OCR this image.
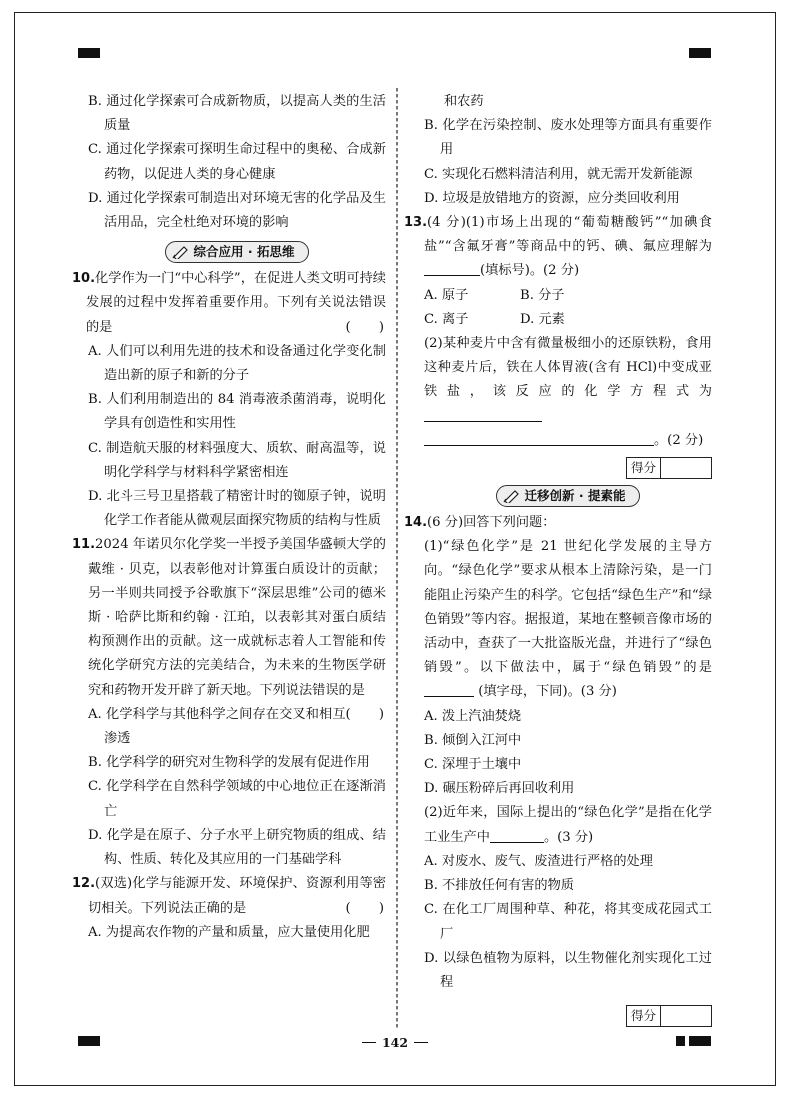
B. 通过化学探索可合成新物质，以提高人类的生活质量
C. 通过化学探索可探明生命过程中的奥秘、合成新药物，以促进人类的身心健康
D. 通过化学探索可制造出对环境无害的化学品及生活用品，完全杜绝对环境的影响
综合应用 · 拓思维
10.化学作为一门“中心科学”，在促进人类文明可持续发展的过程中发挥着重要作用。下列有关说法错误的是	( )
A. 人们可以利用先进的技术和设备通过化学变化制造出新的原子和新的分子
B. 人们利用制造出的 84 消毒液杀菌消毒，说明化学具有创造性和实用性
C. 制造航天服的材料强度大、质软、耐高温等，说明化学科学与材料科学紧密相连
D. 北斗三号卫星搭载了精密计时的铷原子钟，说明化学工作者能从微观层面探究物质的结构与性质
11.2024 年诺贝尔化学奖一半授予美国华盛顿大学的戴维 · 贝克，以表彰他对计算蛋白质设计的贡献；另一半则共同授予谷歌旗下“深层思维”公司的德米斯 · 哈萨比斯和约翰 · 江珀，以表彰其对蛋白质结构预测作出的贡献。这一成就标志着人工智能和传统化学研究方法的完美结合，为未来的生物医学研究和药物开发开辟了新天地。下列说法错误的是
( )
A. 化学科学与其他科学之间存在交叉和相互渗透
B. 化学科学的研究对生物科学的发展有促进作用
C. 化学科学在自然科学领域的中心地位正在逐渐消亡
D. 化学是在原子、分子水平上研究物质的组成、结构、性质、转化及其应用的一门基础学科
12.(双选)化学与能源开发、环境保护、资源利用等密切相关。下列说法正确的是	( )
A. 为提高农作物的产量和质量，应大量使用化肥
和农药
B. 化学在污染控制、废水处理等方面具有重要作用
C. 实现化石燃料清洁利用，就无需开发新能源
D. 垃圾是放错地方的资源，应分类回收利用
13.(4 分)(1)市场上出现的“葡萄糖酸钙”“加碘食盐”“含氟牙膏”等商品中的钙、碘、氟应理解为 (填标号)。(2 分)
A. 原子	B. 分子
C. 离子	D. 元素
(2)某种麦片中含有微量极细小的还原铁粉，食用这种麦片后，铁在人体胃液(含有 HCl)中变成亚铁盐，该反应的化学方程式为
。(2 分)
得分
迁移创新 · 提素能
14.(6 分)回答下列问题：
(1)“绿色化学”是 21 世纪化学发展的主导方向。“绿色化学”要求从根本上清除污染，是一门能阻止污染产生的科学。它包括“绿色生产”和“绿色销毁”等内容。据报道，某地在整顿音像市场的活动中，查获了一大批盗版光盘，并进行了“绿色销毁”。以下做法中，属于“绿色销毁”的是 (填字母，下同)。(3 分)
A. 泼上汽油焚烧
B. 倾倒入江河中
C. 深埋于土壤中
D. 碾压粉碎后再回收利用
(2)近年来，国际上提出的“绿色化学”是指在化学工业生产中	。(3 分)
A. 对废水、废气、废渣进行严格的处理
B. 不排放任何有害的物质
C. 在化工厂周围种草、种花，将其变成花园式工厂
D. 以绿色植物为原料，以生物催化剂实现化工过程
得分
142
